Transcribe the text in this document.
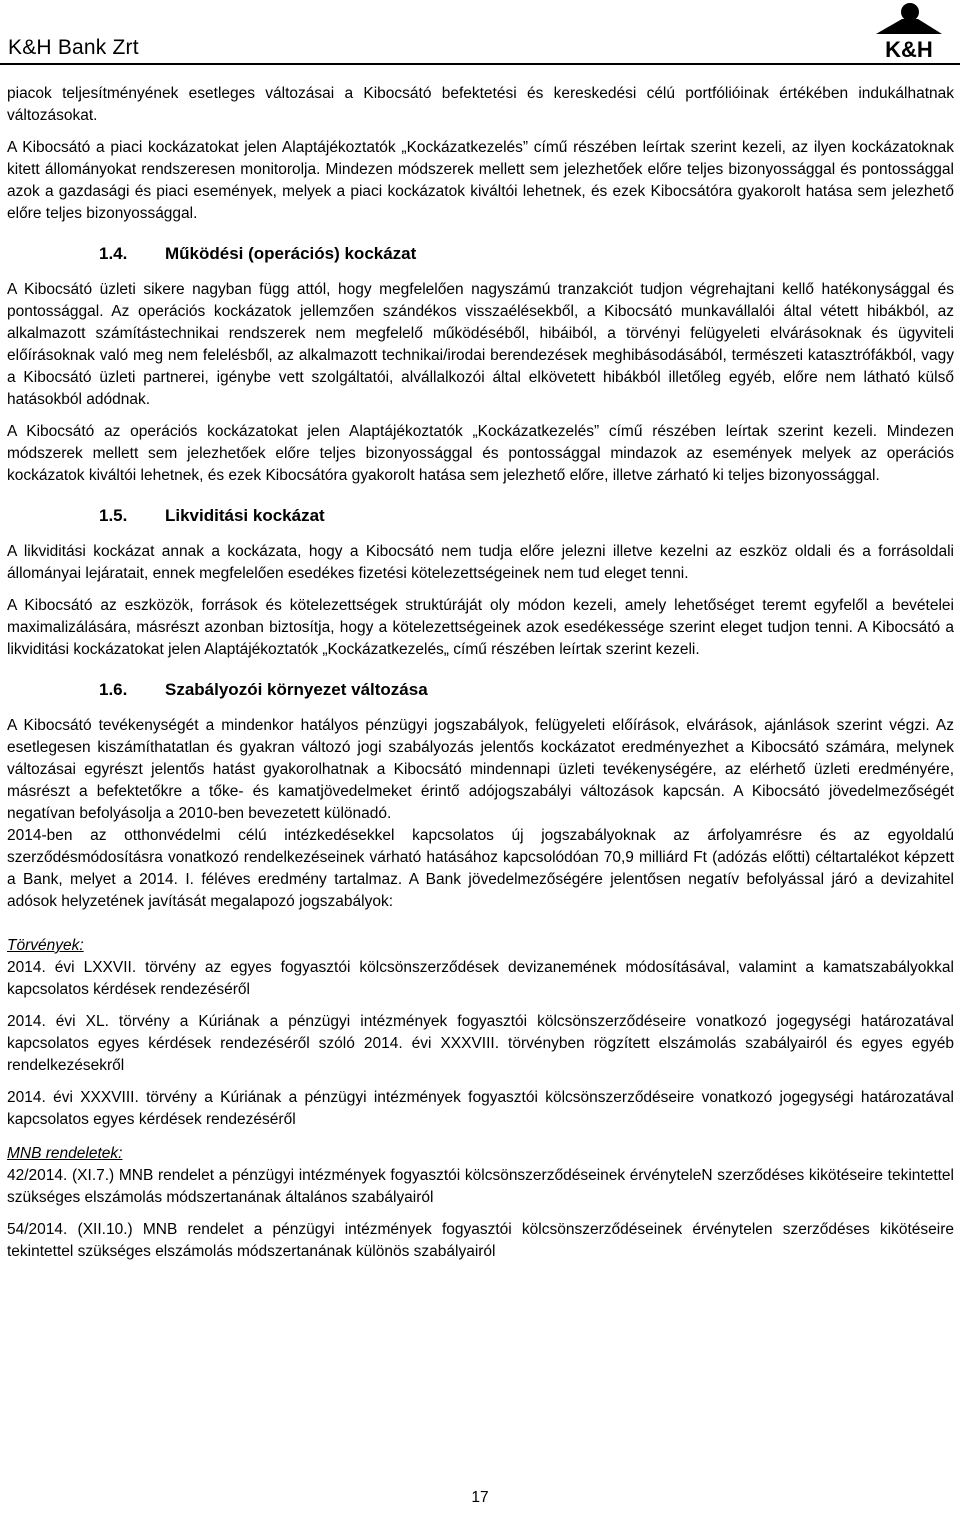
K&H Bank Zrt	K&H

piacok teljesítményének esetleges változásai a Kibocsátó befektetési és kereskedési célú portfólióinak értékében indukálhatnak változásokat.

A Kibocsátó a piaci kockázatokat jelen Alaptájékoztatók „Kockázatkezelés” című részében leírtak szerint kezeli, az ilyen kockázatoknak kitett állományokat rendszeresen monitorolja. Mindezen módszerek mellett sem jelezhetőek előre teljes bizonyossággal és pontossággal azok a gazdasági és piaci események, melyek a piaci kockázatok kiváltói lehetnek, és ezek Kibocsátóra gyakorolt hatása sem jelezhető előre teljes bizonyossággal.

1.4. Működési (operációs) kockázat

A Kibocsátó üzleti sikere nagyban függ attól, hogy megfelelően nagyszámú tranzakciót tudjon végrehajtani kellő hatékonysággal és pontossággal. Az operációs kockázatok jellemzően szándékos visszaélésekből, a Kibocsátó munkavállalói által vétett hibákból, az alkalmazott számítástechnikai rendszerek nem megfelelő működéséből, hibáiból, a törvényi felügyeleti elvárásoknak és ügyviteli előírásoknak való meg nem felelésből, az alkalmazott technikai/irodai berendezések meghibásodásából, természeti katasztrófákból, vagy a Kibocsátó üzleti partnerei, igénybe vett szolgáltatói, alvállalkozói által elkövetett hibákból illetőleg egyéb, előre nem látható külső hatásokból adódnak.

A Kibocsátó az operációs kockázatokat jelen Alaptájékoztatók „Kockázatkezelés” című részében leírtak szerint kezeli. Mindezen módszerek mellett sem jelezhetőek előre teljes bizonyossággal és pontossággal mindazok az események melyek az operációs kockázatok kiváltói lehetnek, és ezek Kibocsátóra gyakorolt hatása sem jelezhető előre, illetve zárható ki teljes bizonyossággal.

1.5. Likviditási kockázat

A likviditási kockázat annak a kockázata, hogy a Kibocsátó nem tudja előre jelezni illetve kezelni az eszköz oldali és a forrásoldali állományai lejáratait, ennek megfelelően esedékes fizetési kötelezettségeinek nem tud eleget tenni.

A Kibocsátó az eszközök, források és kötelezettségek struktúráját oly módon kezeli, amely lehetőséget teremt egyfelől a bevételei maximalizálására, másrészt azonban biztosítja, hogy a kötelezettségeinek azok esedékessége szerint eleget tudjon tenni. A Kibocsátó a likviditási kockázatokat jelen Alaptájékoztatók „Kockázatkezelés„ című részében leírtak szerint kezeli.

1.6. Szabályozói környezet változása

A Kibocsátó tevékenységét a mindenkor hatályos pénzügyi jogszabályok, felügyeleti előírások, elvárások, ajánlások szerint végzi. Az esetlegesen kiszámíthatatlan és gyakran változó jogi szabályozás jelentős kockázatot eredményezhet a Kibocsátó számára, melynek változásai egyrészt jelentős hatást gyakorolhatnak a Kibocsátó mindennapi üzleti tevékenységére, az elérhető üzleti eredményére, másrészt a befektetőkre a tőke- és kamatjövedelmeket érintő adójogszabályi változások kapcsán. A Kibocsátó jövedelmezőségét negatívan befolyásolja a 2010-ben bevezetett különadó.

2014-ben az otthonvédelmi célú intézkedésekkel kapcsolatos új jogszabályoknak az árfolyamrésre és az egyoldalú szerződésmódosításra vonatkozó rendelkezéseinek várható hatásához kapcsolódóan 70,9 milliárd Ft (adózás előtti) céltartalékot képzett a Bank, melyet a 2014. I. féléves eredmény tartalmaz. A Bank jövedelmezőségére jelentősen negatív befolyással járó a devizahitel adósok helyzetének javítását megalapozó jogszabályok:

Törvények:

2014. évi LXXVII. törvény az egyes fogyasztói kölcsönszerződések devizanemének módosításával, valamint a kamatszabályokkal kapcsolatos kérdések rendezéséről

2014. évi XL. törvény a Kúriának a pénzügyi intézmények fogyasztói kölcsönszerződéseire vonatkozó jogegységi határozatával kapcsolatos egyes kérdések rendezéséről szóló 2014. évi XXXVIII. törvényben rögzített elszámolás szabályairól és egyes egyéb rendelkezésekről

2014. évi XXXVIII. törvény a Kúriának a pénzügyi intézmények fogyasztói kölcsönszerződéseire vonatkozó jogegységi határozatával kapcsolatos egyes kérdések rendezéséről

MNB rendeletek:

42/2014. (XI.7.) MNB rendelet a pénzügyi intézmények fogyasztói kölcsönszerződéseinek érvényteleN szerződéses kikötéseire tekintettel szükséges elszámolás módszertanának általános szabályairól

54/2014. (XII.10.) MNB rendelet a pénzügyi intézmények fogyasztói kölcsönszerződéseinek érvénytelen szerződéses kikötéseire tekintettel szükséges elszámolás módszertanának különös szabályairól

17
